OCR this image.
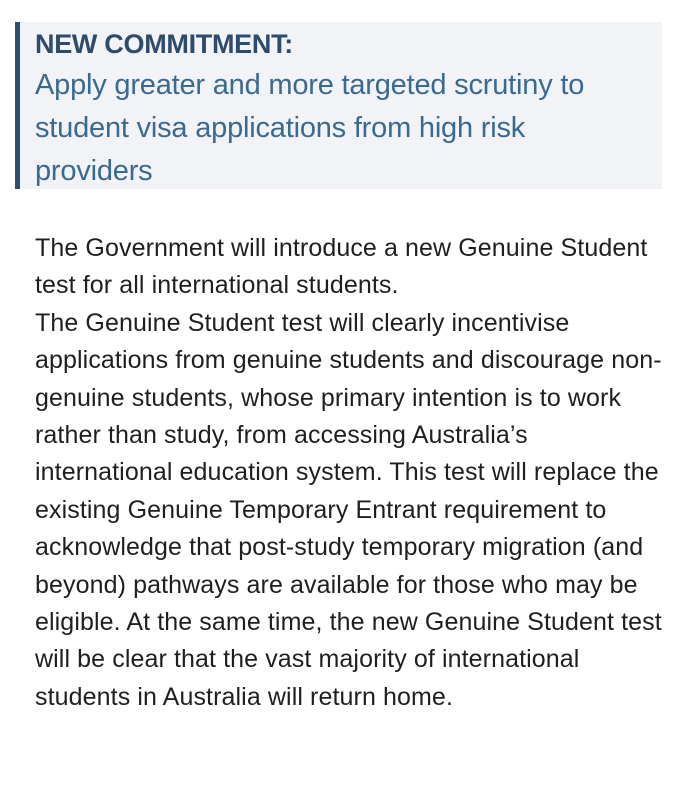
NEW COMMITMENT:
Apply greater and more targeted scrutiny to student visa applications from high risk providers

The Government will introduce a new Genuine Student test for all international students.

The Genuine Student test will clearly incentivise applications from genuine students and discourage non-genuine students, whose primary intention is to work rather than study, from accessing Australia’s international education system. This test will replace the existing Genuine Temporary Entrant requirement to acknowledge that post-study temporary migration (and beyond) pathways are available for those who may be eligible. At the same time, the new Genuine Student test will be clear that the vast majority of international students in Australia will return home.
